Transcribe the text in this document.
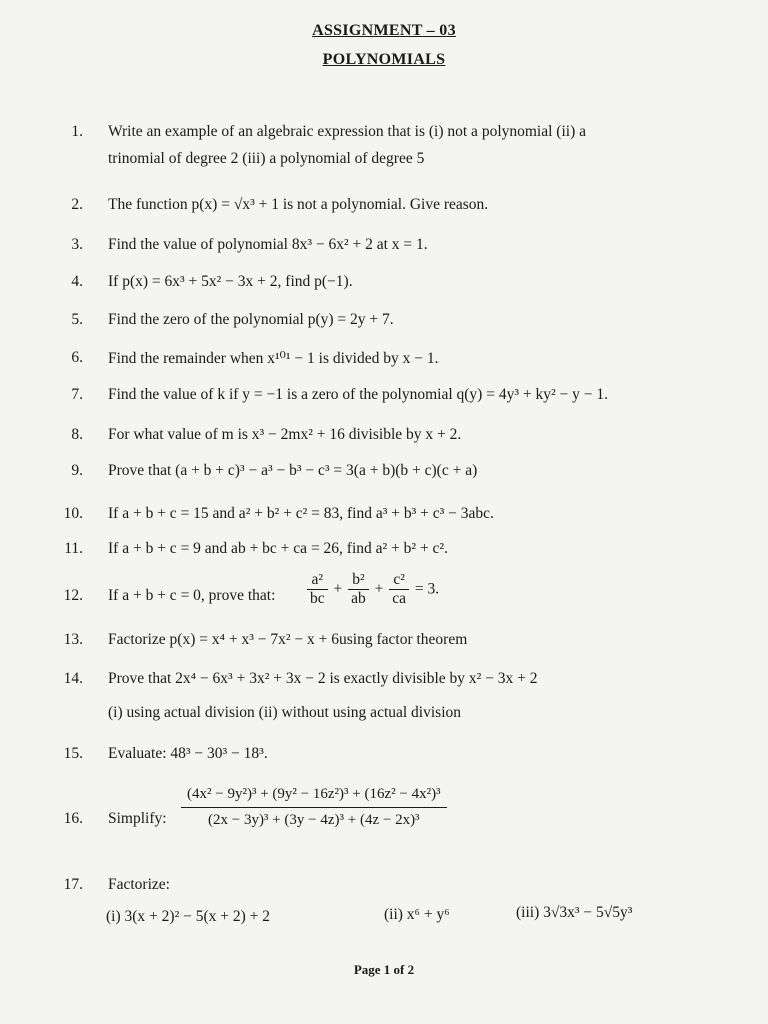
ASSIGNMENT – 03
POLYNOMIALS
1. Write an example of an algebraic expression that is (i) not a polynomial (ii) a
trinomial of degree 2 (iii) a polynomial of degree 5
2. The function p(x) = √x³ + 1 is not a polynomial. Give reason.
3. Find the value of polynomial 8x³ − 6x² + 2 at x = 1.
4. If p(x) = 6x³ + 5x² − 3x + 2, find p(−1).
5. Find the zero of the polynomial p(y) = 2y + 7.
6. Find the remainder when x¹⁰¹ − 1 is divided by x − 1.
7. Find the value of k if y = −1 is a zero of the polynomial q(y) = 4y³ + ky² − y − 1.
8. For what value of m is x³ − 2mx² + 16 divisible by x + 2.
9. Prove that (a + b + c)³ − a³ − b³ − c³ = 3(a + b)(b + c)(c + a)
10. If a + b + c = 15 and a² + b² + c² = 83, find a³ + b³ + c³ − 3abc.
11. If a + b + c = 9 and ab + bc + ca = 26, find a² + b² + c².
12. If a + b + c = 0, prove that: $\frac{\text{a²}}{bc} + \frac{\text{b²}}{ab} + \frac{\text{c²}}{ca} = 3$.
13. Factorize p(x) = x⁴ + x³ − 7x² − x + 6using factor theorem
14. Prove that 2x⁴ − 6x³ + 3x² + 3x − 2 is exactly divisible by x² − 3x + 2
(i) using actual division (ii) without using actual division
15. Evaluate: 48³ − 30³ − 18³.
16. Simplify: $\frac{\text{(4x² − 9y²)³ + (9y² − 16z²)³ + (16z² − 4x²)³}}{\text{(2x − 3y)³ + (3y − 4z)³ + (4z − 2x)³}}$
17. Factorize:
(i) 3(x + 2)² − 5(x + 2) + 2	(ii) x⁶ + y⁶	(iii) 3√3x³ − 5√5y³
Page 1 of 2
